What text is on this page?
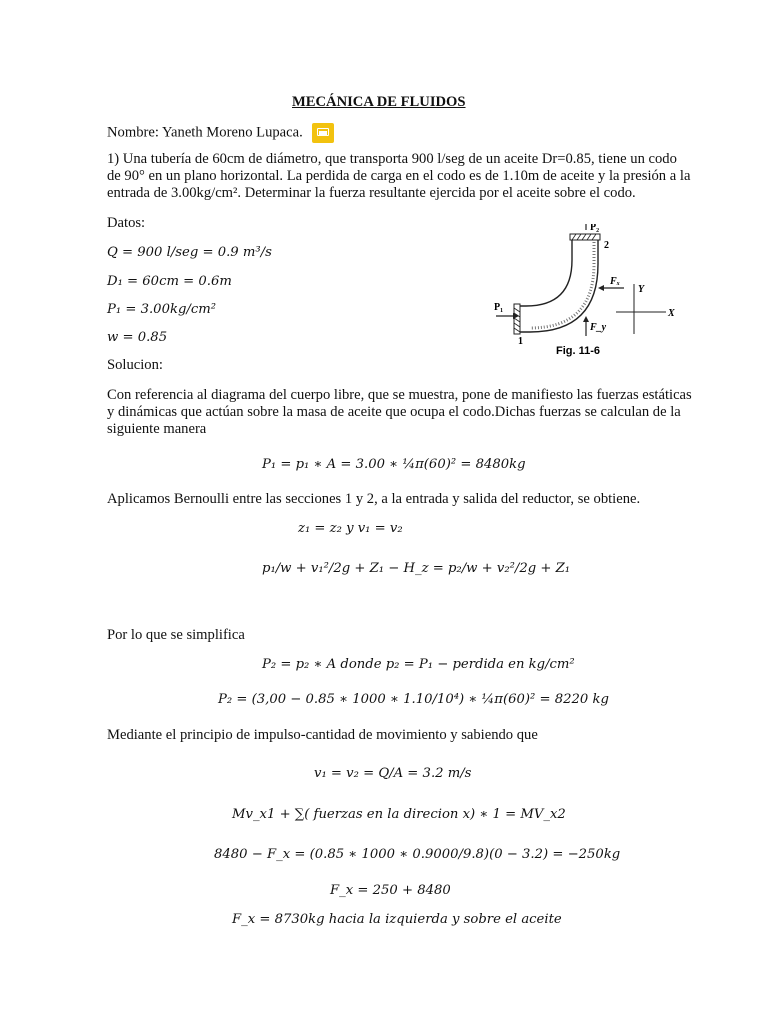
MECÁNICA DE FLUIDOS
Nombre: Yaneth Moreno Lupaca.
1) Una tubería de 60cm de diámetro, que transporta 900 l/seg de un aceite Dr=0.85, tiene un codo
de 90° en un plano horizontal. La perdida de carga en el codo es de 1.10m de aceite y la presión a la
entrada de 3.00kg/cm². Determinar la fuerza resultante ejercida por el aceite sobre el codo.
Datos:
Q = 900 l/seg = 0.9 m³/s
D₁ = 60cm = 0.6m
P₁ = 3.00kg/cm²
w = 0.85
Solucion:
P₂
2
P₁
1
Fₓ
F_y
Y
X
Fig. 11-6
Con referencia al diagrama del cuerpo libre, que se muestra, pone de manifiesto las fuerzas estáticas
y dinámicas que actúan sobre la masa de aceite que ocupa el codo.Dichas fuerzas se calculan de la
siguiente manera
P₁ = p₁ ∗ A = 3.00 ∗ ¼π(60)² = 8480kg
Aplicamos Bernoulli entre las secciones 1 y 2, a la entrada y salida del reductor, se obtiene.
z₁ = z₂ y v₁ = v₂
p₁/w + v₁²/2g + Z₁ − H_z = p₂/w + v₂²/2g + Z₁
Por lo que se simplifica
P₂ = p₂ ∗ A donde p₂ = P₁ − perdida en kg/cm²
P₂ = (3,00 − 0.85 ∗ 1000 ∗ 1.10/10⁴) ∗ ¼π(60)² = 8220 kg
Mediante el principio de impulso-cantidad de movimiento y sabiendo que
v₁ = v₂ = Q/A = 3.2 m/s
Mv_x1 + ∑( fuerzas en la direcion x) ∗ 1 = MV_x2
8480 − F_x = (0.85 ∗ 1000 ∗ 0.9000/9.8)(0 − 3.2) = −250kg
F_x = 250 + 8480
F_x = 8730kg hacia la izquierda y sobre el aceite
